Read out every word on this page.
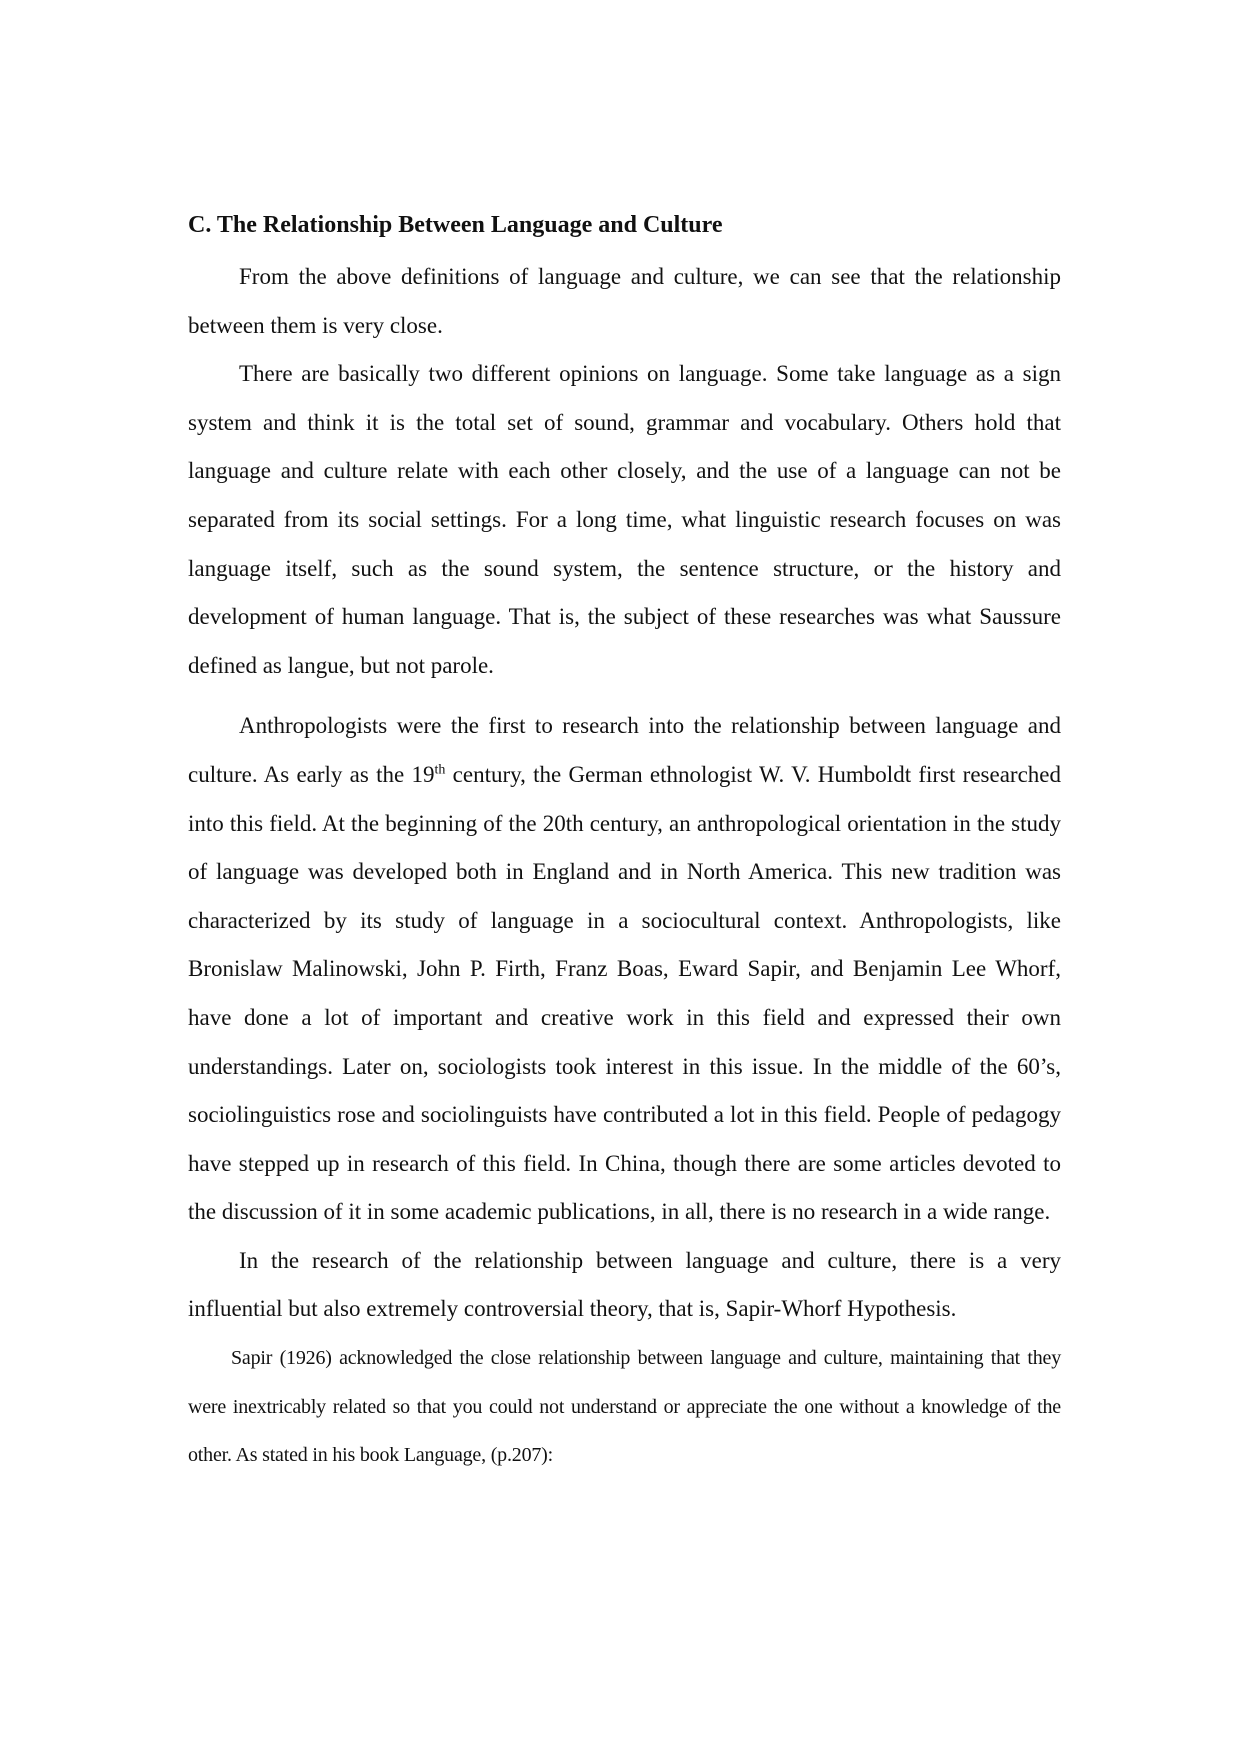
C. The Relationship Between Language and Culture

From the above definitions of language and culture, we can see that the relationship between them is very close.

There are basically two different opinions on language. Some take language as a sign system and think it is the total set of sound, grammar and vocabulary. Others hold that language and culture relate with each other closely, and the use of a language can not be separated from its social settings. For a long time, what linguistic research focuses on was language itself, such as the sound system, the sentence structure, or the history and development of human language. That is, the subject of these researches was what Saussure defined as langue, but not parole.

Anthropologists were the first to research into the relationship between language and culture. As early as the 19th century, the German ethnologist W. V. Humboldt first researched into this field. At the beginning of the 20th century, an anthropological orientation in the study of language was developed both in England and in North America. This new tradition was characterized by its study of language in a sociocultural context. Anthropologists, like Bronislaw Malinowski, John P. Firth, Franz Boas, Eward Sapir, and Benjamin Lee Whorf, have done a lot of important and creative work in this field and expressed their own understandings. Later on, sociologists took interest in this issue. In the middle of the 60’s, sociolinguistics rose and sociolinguists have contributed a lot in this field. People of pedagogy have stepped up in research of this field. In China, though there are some articles devoted to the discussion of it in some academic publications, in all, there is no research in a wide range.

In the research of the relationship between language and culture, there is a very influential but also extremely controversial theory, that is, Sapir-Whorf Hypothesis.

Sapir (1926) acknowledged the close relationship between language and culture, maintaining that they were inextricably related so that you could not understand or appreciate the one without a knowledge of the other. As stated in his book Language, (p.207):
